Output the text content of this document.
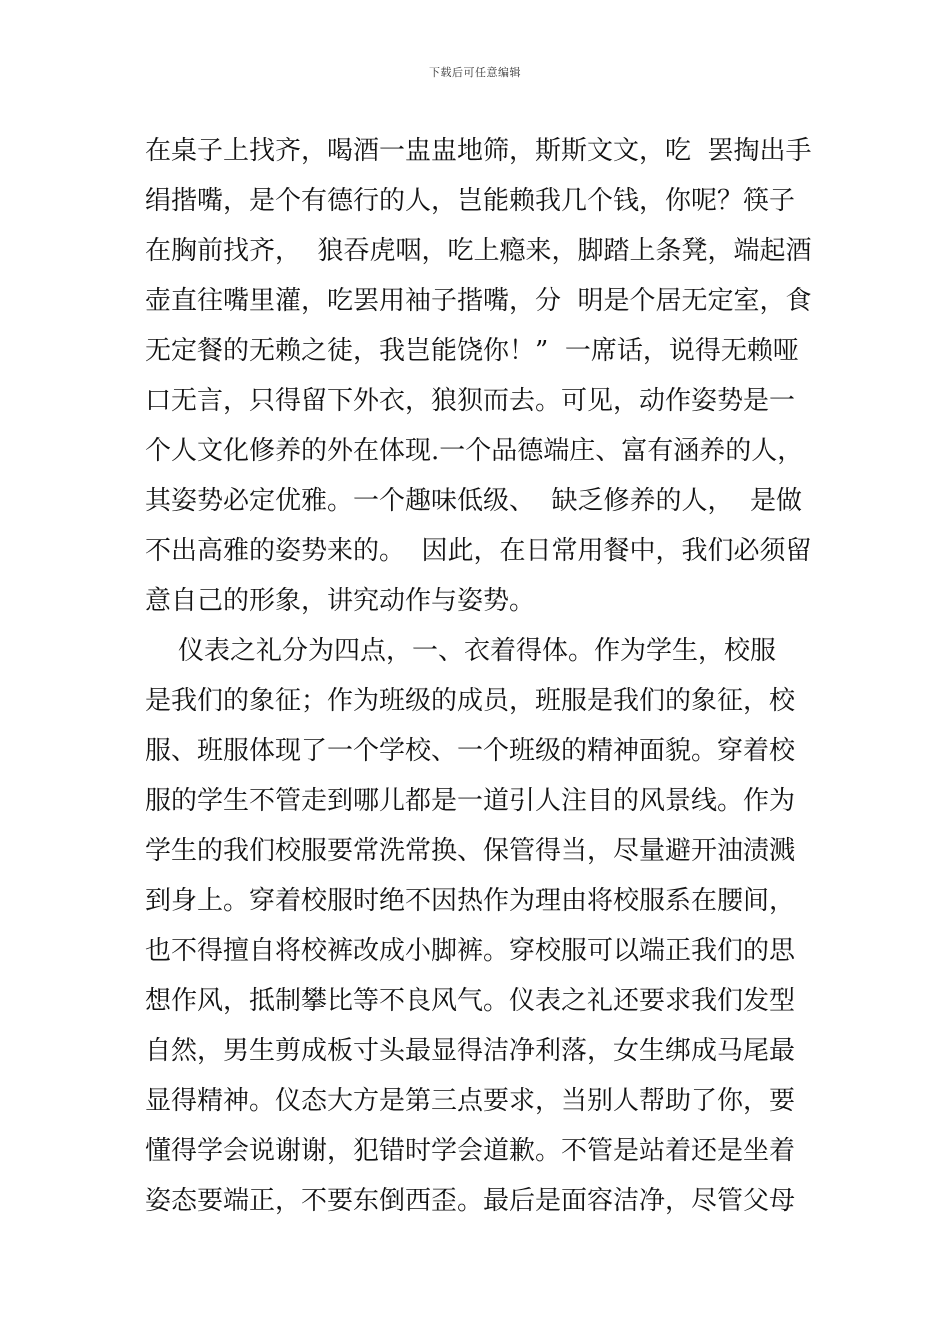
下载后可任意编辑
在桌子上找齐，喝酒一盅盅地筛，斯斯文文，吃  罢掏出手
绢揩嘴，是个有德行的人，岂能赖我几个钱，你呢？筷子
在胸前找齐，  狼吞虎咽，吃上瘾来，脚踏上条凳，端起酒
壶直往嘴里灌，吃罢用袖子揩嘴，分  明是个居无定室，食
无定餐的无赖之徒，我岂能饶你！”  一席话，说得无赖哑
口无言，只得留下外衣，狼狈而去。可见，动作姿势是一
个人文化修养的外在体现.一个品德端庄、富有涵养的人，
其姿势必定优雅。一个趣味低级、  缺乏修养的人，  是做
不出高雅的姿势来的。  因此，在日常用餐中，我们必须留
意自己的形象，讲究动作与姿势。
仪表之礼分为四点，一、衣着得体。作为学生，校服
是我们的象征；作为班级的成员，班服是我们的象征，校
服、班服体现了一个学校、一个班级的精神面貌。穿着校
服的学生不管走到哪儿都是一道引人注目的风景线。作为
学生的我们校服要常洗常换、保管得当，尽量避开油渍溅
到身上。穿着校服时绝不因热作为理由将校服系在腰间，
也不得擅自将校裤改成小脚裤。穿校服可以端正我们的思
想作风，抵制攀比等不良风气。仪表之礼还要求我们发型
自然，男生剪成板寸头最显得洁净利落，女生绑成马尾最
显得精神。仪态大方是第三点要求，当别人帮助了你，要
懂得学会说谢谢，犯错时学会道歉。不管是站着还是坐着
姿态要端正，不要东倒西歪。最后是面容洁净，尽管父母
